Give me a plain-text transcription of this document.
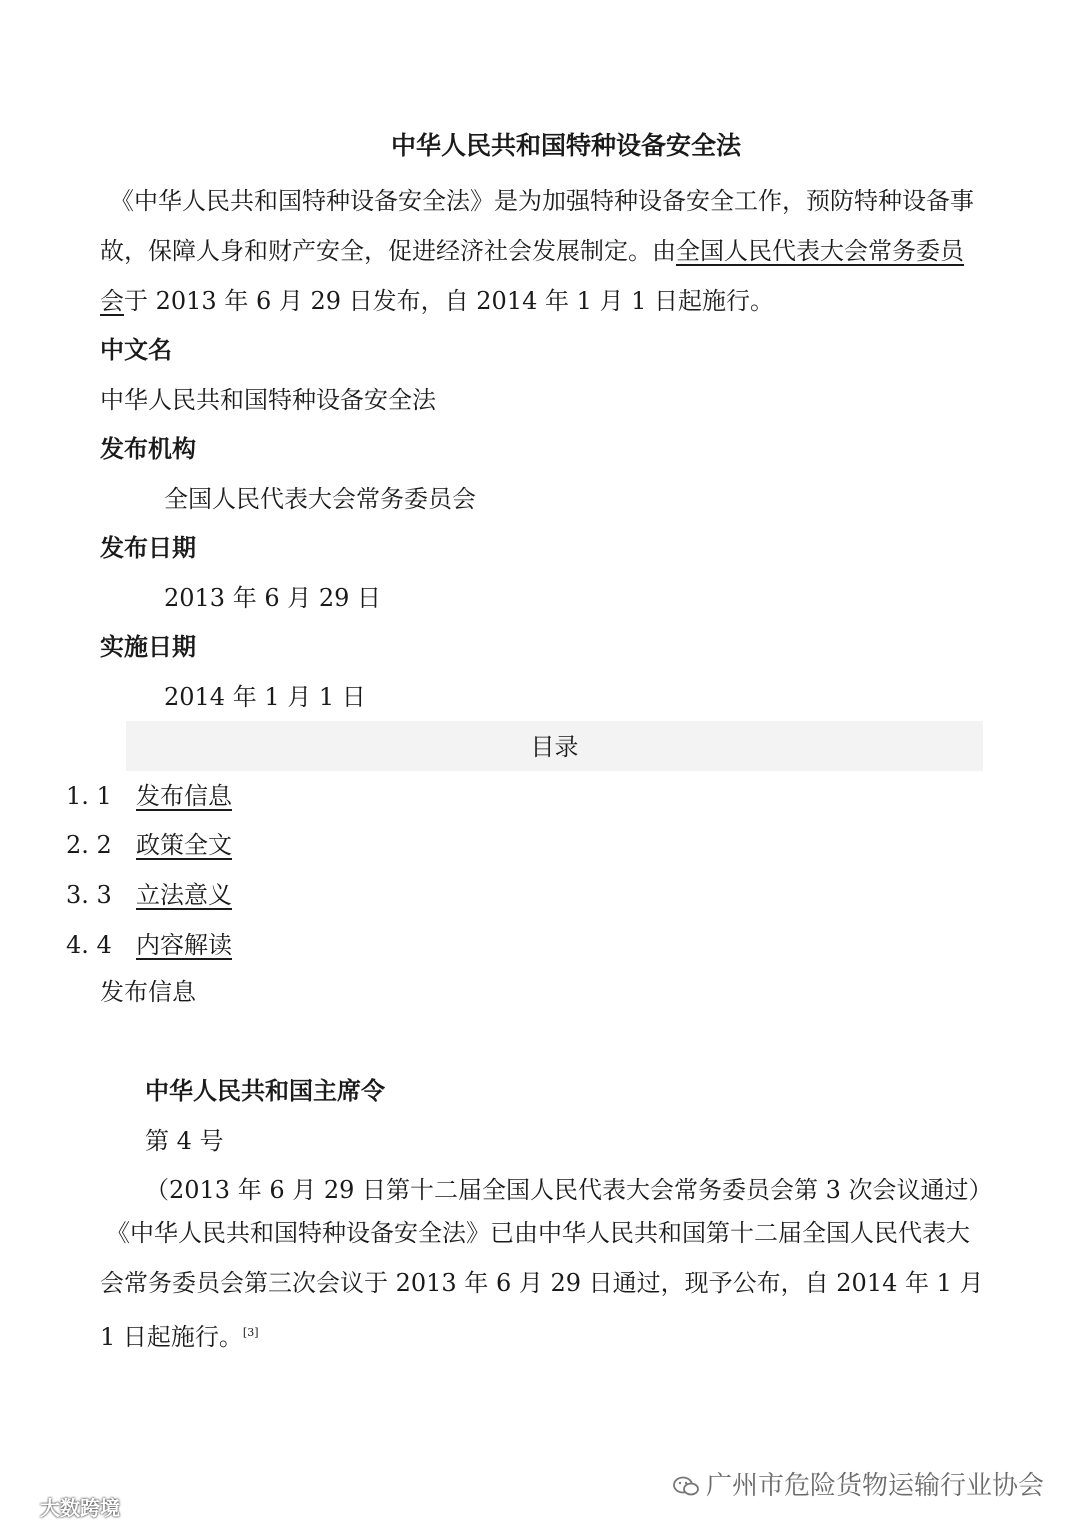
中华人民共和国特种设备安全法
《中华人民共和国特种设备安全法》是为加强特种设备安全工作，预防特种设备事故，保障人身和财产安全，促进经济社会发展制定。由全国人民代表大会常务委员会于 2013 年 6 月 29 日发布，自 2014 年 1 月 1 日起施行。
中文名
中华人民共和国特种设备安全法
发布机构
全国人民代表大会常务委员会
发布日期
2013 年 6 月 29 日
实施日期
2014 年 1 月 1 日
目录
1. 1 发布信息
2. 2 政策全文
3. 3 立法意义
4. 4 内容解读
发布信息
中华人民共和国主席令
第 4 号
（2013 年 6 月 29 日第十二届全国人民代表大会常务委员会第 3 次会议通过）
《中华人民共和国特种设备安全法》已由中华人民共和国第十二届全国人民代表大会常务委员会第三次会议于 2013 年 6 月 29 日通过，现予公布，自 2014 年 1 月 1 日起施行。[3]
大数跨境
广州市危险货物运输行业协会
